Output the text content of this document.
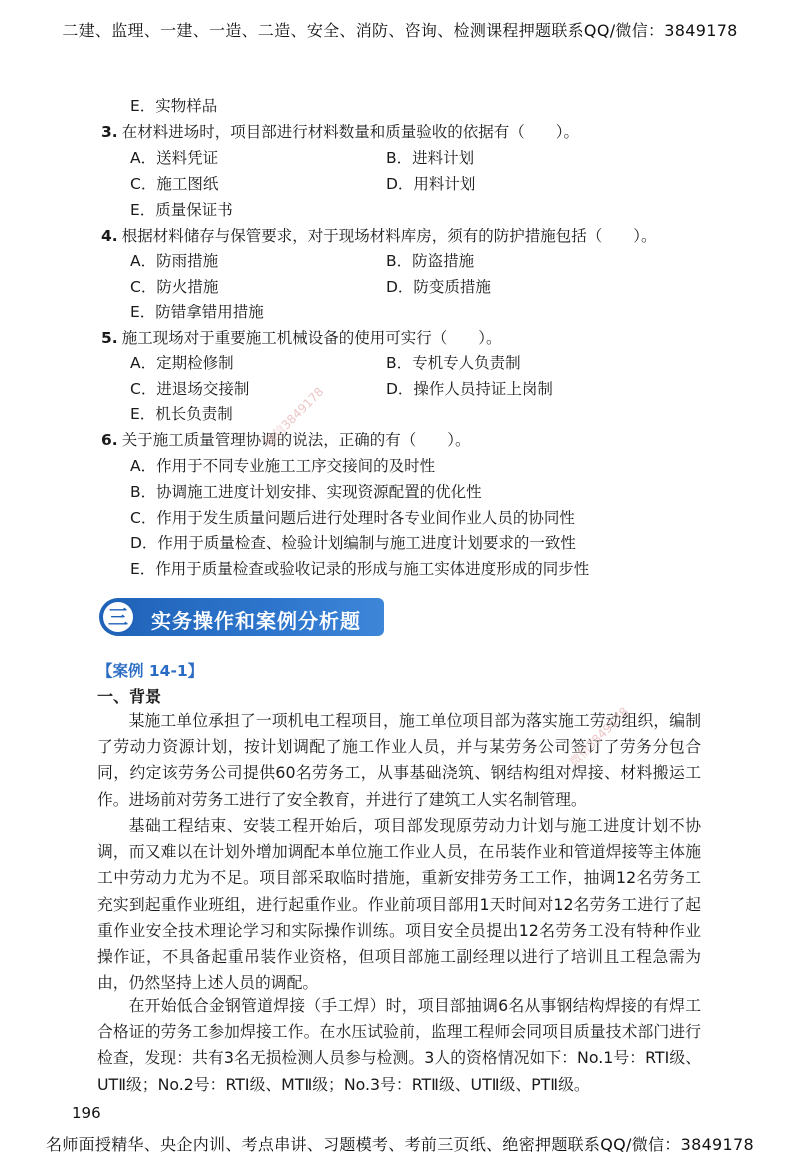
二建、监理、一建、一造、二造、安全、消防、咨询、检测课程押题联系QQ/微信：3849178
E．实物样品
3. 在材料进场时，项目部进行材料数量和质量验收的依据有（　　）。
A．送料凭证	B．进料计划
C．施工图纸	D．用料计划
E．质量保证书
4. 根据材料储存与保管要求，对于现场材料库房，须有的防护措施包括（　　）。
A．防雨措施	B．防盗措施
C．防火措施	D．防变质措施
E．防错拿错用措施
5. 施工现场对于重要施工机械设备的使用可实行（　　）。
A．定期检修制	B．专机专人负责制
C．进退场交接制	D．操作人员持证上岗制
E．机长负责制
6. 关于施工质量管理协调的说法，正确的有（　　）。
A．作用于不同专业施工工序交接间的及时性
B．协调施工进度计划安排、实现资源配置的优化性
C．作用于发生质量问题后进行处理时各专业间作业人员的协同性
D．作用于质量检查、检验计划编制与施工进度计划要求的一致性
E．作用于质量检查或验收记录的形成与施工实体进度形成的同步性
三	实务操作和案例分析题
【案例 14-1】
一、背景
某施工单位承担了一项机电工程项目，施工单位项目部为落实施工劳动组织，编制了劳动力资源计划，按计划调配了施工作业人员，并与某劳务公司签订了劳务分包合同，约定该劳务公司提供60名劳务工，从事基础浇筑、钢结构组对焊接、材料搬运工作。进场前对劳务工进行了安全教育，并进行了建筑工人实名制管理。
基础工程结束、安装工程开始后，项目部发现原劳动力计划与施工进度计划不协调，而又难以在计划外增加调配本单位施工作业人员，在吊装作业和管道焊接等主体施工中劳动力尤为不足。项目部采取临时措施，重新安排劳务工工作，抽调12名劳务工充实到起重作业班组，进行起重作业。作业前项目部用1天时间对12名劳务工进行了起重作业安全技术理论学习和实际操作训练。项目安全员提出12名劳务工没有特种作业操作证，不具备起重吊装作业资格，但项目部施工副经理以进行了培训且工程急需为由，仍然坚持上述人员的调配。
在开始低合金钢管道焊接（手工焊）时，项目部抽调6名从事钢结构焊接的有焊工合格证的劳务工参加焊接工作。在水压试验前，监理工程师会同项目质量技术部门进行检查，发现：共有3名无损检测人员参与检测。3人的资格情况如下：No.1号：RTⅠ级、UTⅡ级；No.2号：RTⅠ级、MTⅡ级；No.3号：RTⅡ级、UTⅡ级、PTⅡ级。
微信3849178
微信3849178
196
名师面授精华、央企内训、考点串讲、习题模考、考前三页纸、绝密押题联系QQ/微信：3849178
